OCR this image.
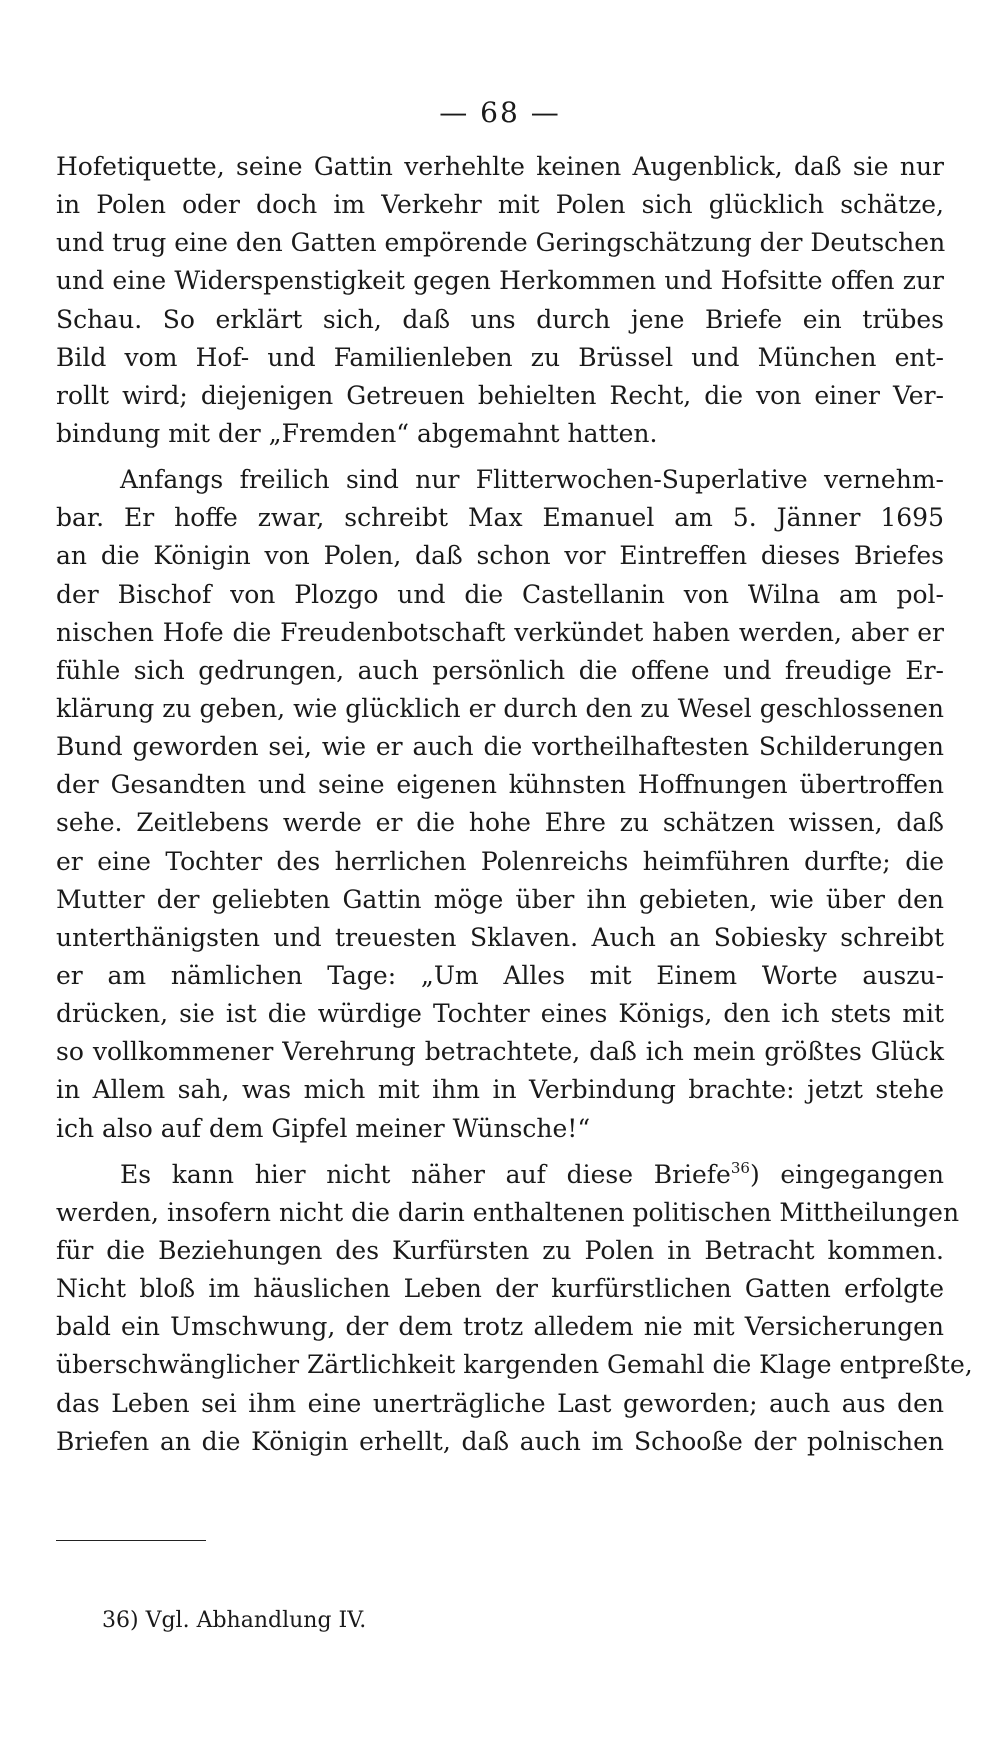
— 68 —
Hofetiquette, seine Gattin verhehlte keinen Augenblick, daß sie nur
in Polen oder doch im Verkehr mit Polen sich glücklich schätze,
und trug eine den Gatten empörende Geringschätzung der Deutschen
und eine Widerspenstigkeit gegen Herkommen und Hofsitte offen zur
Schau. So erklärt sich, daß uns durch jene Briefe ein trübes
Bild vom Hof- und Familienleben zu Brüssel und München ent-
rollt wird; diejenigen Getreuen behielten Recht, die von einer Ver-
bindung mit der „Fremden“ abgemahnt hatten.
Anfangs freilich sind nur Flitterwochen-Superlative vernehm-
bar. Er hoffe zwar, schreibt Max Emanuel am 5. Jänner 1695
an die Königin von Polen, daß schon vor Eintreffen dieses Briefes
der Bischof von Plozgo und die Castellanin von Wilna am pol-
nischen Hofe die Freudenbotschaft verkündet haben werden, aber er
fühle sich gedrungen, auch persönlich die offene und freudige Er-
klärung zu geben, wie glücklich er durch den zu Wesel geschlossenen
Bund geworden sei, wie er auch die vortheilhaftesten Schilderungen
der Gesandten und seine eigenen kühnsten Hoffnungen übertroffen
sehe. Zeitlebens werde er die hohe Ehre zu schätzen wissen, daß
er eine Tochter des herrlichen Polenreichs heimführen durfte; die
Mutter der geliebten Gattin möge über ihn gebieten, wie über den
unterthänigsten und treuesten Sklaven. Auch an Sobiesky schreibt
er am nämlichen Tage: „Um Alles mit Einem Worte auszu-
drücken, sie ist die würdige Tochter eines Königs, den ich stets mit
so vollkommener Verehrung betrachtete, daß ich mein größtes Glück
in Allem sah, was mich mit ihm in Verbindung brachte: jetzt stehe
ich also auf dem Gipfel meiner Wünsche!“
Es kann hier nicht näher auf diese Briefe$^{36}$) eingegangen
werden, insofern nicht die darin enthaltenen politischen Mittheilungen
für die Beziehungen des Kurfürsten zu Polen in Betracht kommen.
Nicht bloß im häuslichen Leben der kurfürstlichen Gatten erfolgte
bald ein Umschwung, der dem trotz alledem nie mit Versicherungen
überschwänglicher Zärtlichkeit kargenden Gemahl die Klage entpreßte,
das Leben sei ihm eine unerträgliche Last geworden; auch aus den
Briefen an die Königin erhellt, daß auch im Schooße der polnischen
36) Vgl. Abhandlung IV.
